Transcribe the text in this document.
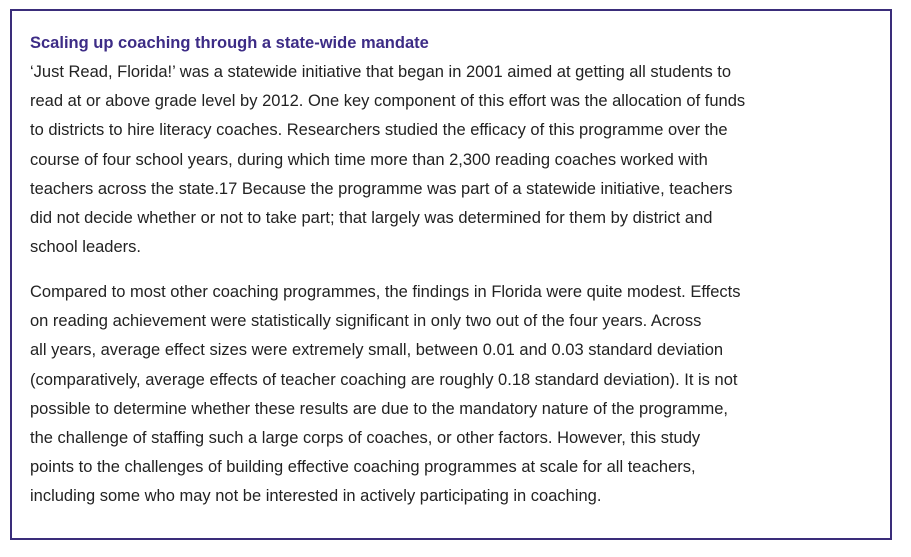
Scaling up coaching through a state-wide mandate

‘Just Read, Florida!’ was a statewide initiative that began in 2001 aimed at getting all students to
read at or above grade level by 2012. One key component of this effort was the allocation of funds
to districts to hire literacy coaches. Researchers studied the efficacy of this programme over the
course of four school years, during which time more than 2,300 reading coaches worked with
teachers across the state.17 Because the programme was part of a statewide initiative, teachers
did not decide whether or not to take part; that largely was determined for them by district and
school leaders.

Compared to most other coaching programmes, the findings in Florida were quite modest. Effects
on reading achievement were statistically significant in only two out of the four years. Across
all years, average effect sizes were extremely small, between 0.01 and 0.03 standard deviation
(comparatively, average effects of teacher coaching are roughly 0.18 standard deviation). It is not
possible to determine whether these results are due to the mandatory nature of the programme,
the challenge of staffing such a large corps of coaches, or other factors. However, this study
points to the challenges of building effective coaching programmes at scale for all teachers,
including some who may not be interested in actively participating in coaching.
